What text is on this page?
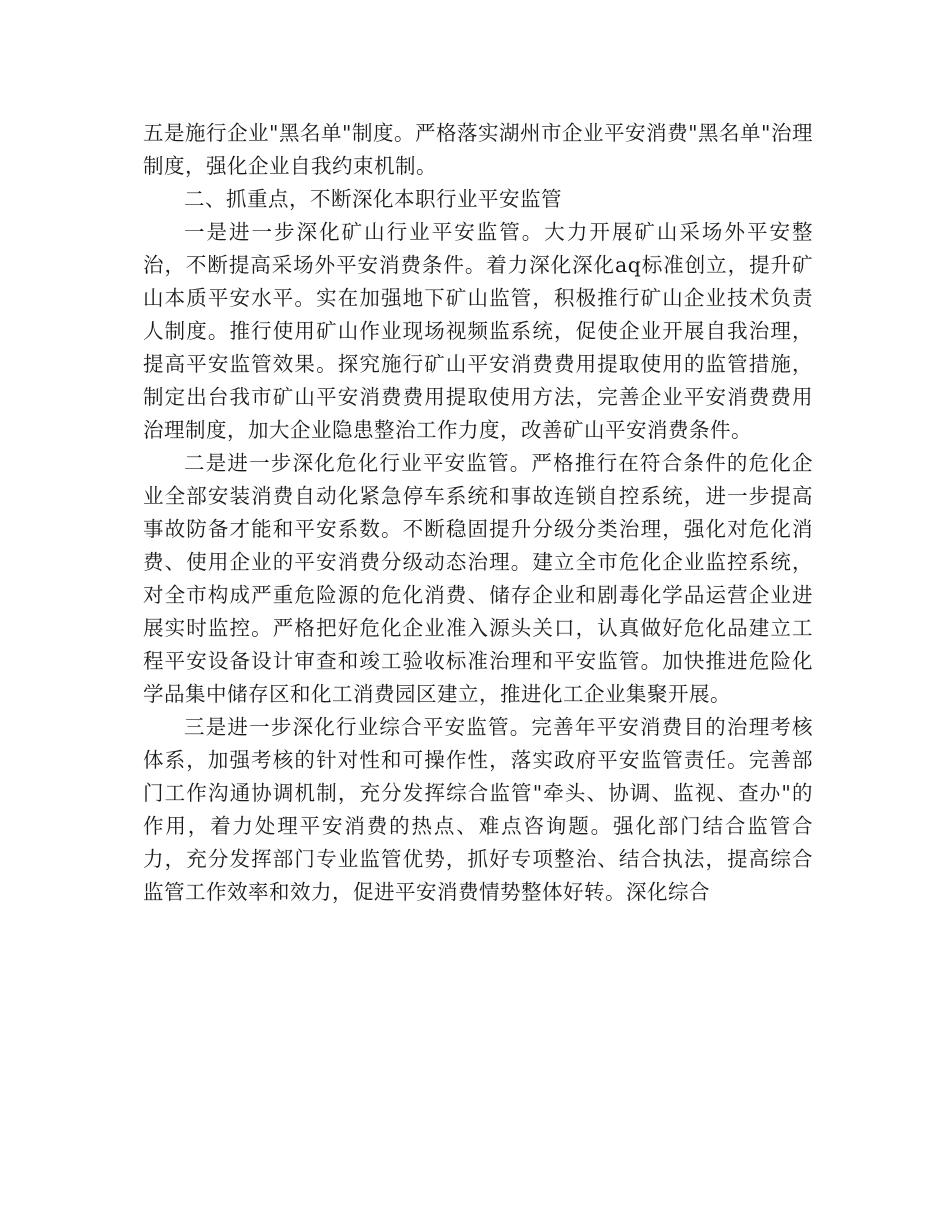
五是施行企业"黑名单"制度。严格落实湖州市企业平安消费"黑名单"治理制度，强化企业自我约束机制。

二、抓重点，不断深化本职行业平安监管

一是进一步深化矿山行业平安监管。大力开展矿山采场外平安整治，不断提高采场外平安消费条件。着力深化深化aq标准创立，提升矿山本质平安水平。实在加强地下矿山监管，积极推行矿山企业技术负责人制度。推行使用矿山作业现场视频监系统，促使企业开展自我治理，提高平安监管效果。探究施行矿山平安消费费用提取使用的监管措施，制定出台我市矿山平安消费费用提取使用方法，完善企业平安消费费用治理制度，加大企业隐患整治工作力度，改善矿山平安消费条件。

二是进一步深化危化行业平安监管。严格推行在符合条件的危化企业全部安装消费自动化紧急停车系统和事故连锁自控系统，进一步提高事故防备才能和平安系数。不断稳固提升分级分类治理，强化对危化消费、使用企业的平安消费分级动态治理。建立全市危化企业监控系统，对全市构成严重危险源的危化消费、储存企业和剧毒化学品运营企业进展实时监控。严格把好危化企业准入源头关口，认真做好危化品建立工程平安设备设计审查和竣工验收标准治理和平安监管。加快推进危险化学品集中储存区和化工消费园区建立，推进化工企业集聚开展。

三是进一步深化行业综合平安监管。完善年平安消费目的治理考核体系，加强考核的针对性和可操作性，落实政府平安监管责任。完善部门工作沟通协调机制，充分发挥综合监管"牵头、协调、监视、查办"的作用，着力处理平安消费的热点、难点咨询题。强化部门结合监管合力，充分发挥部门专业监管优势，抓好专项整治、结合执法，提高综合监管工作效率和效力，促进平安消费情势整体好转。深化综合
